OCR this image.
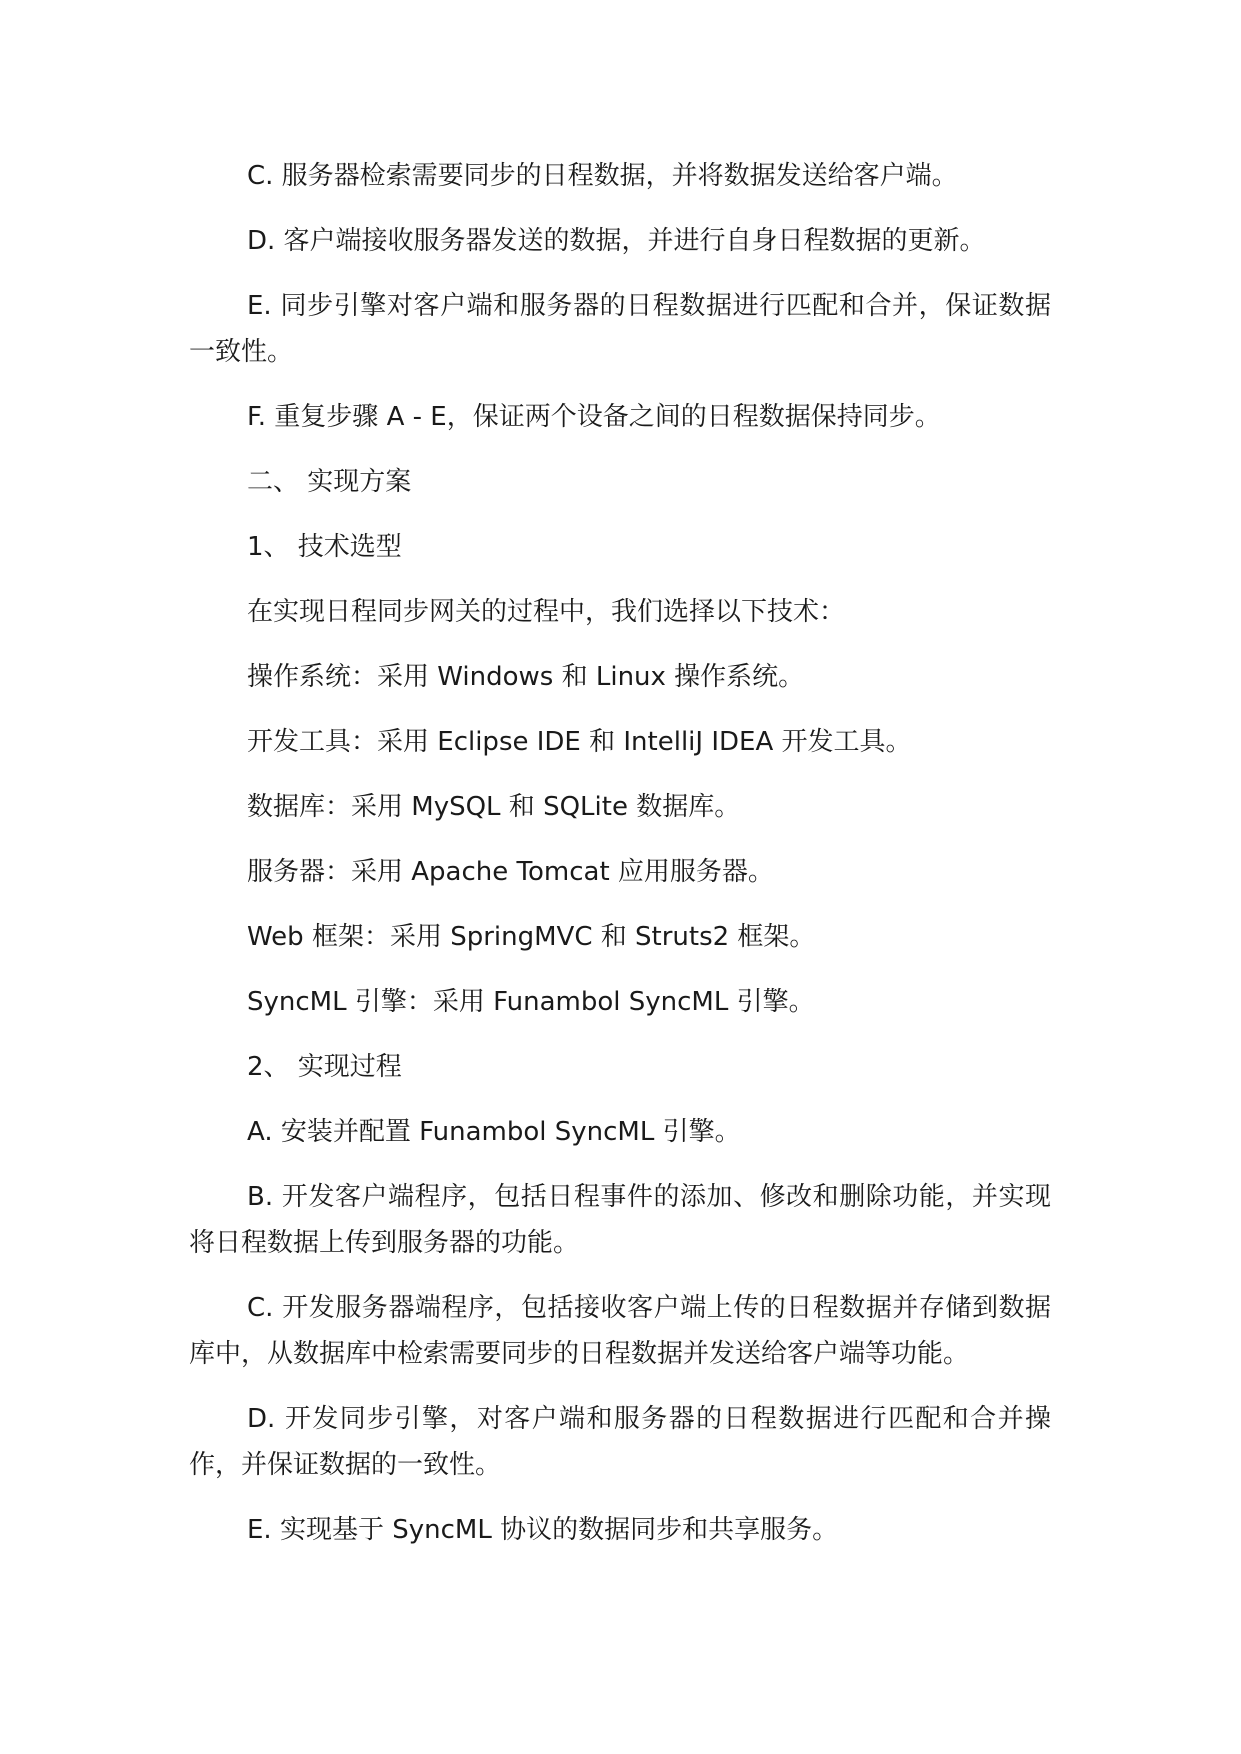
C. 服务器检索需要同步的日程数据，并将数据发送给客户端。

D. 客户端接收服务器发送的数据，并进行自身日程数据的更新。

E. 同步引擎对客户端和服务器的日程数据进行匹配和合并，保证数据一致性。

F. 重复步骤 A - E，保证两个设备之间的日程数据保持同步。

二、 实现方案

1、 技术选型

在实现日程同步网关的过程中，我们选择以下技术：

操作系统：采用 Windows 和 Linux 操作系统。

开发工具：采用 Eclipse IDE 和 IntelliJ IDEA 开发工具。

数据库：采用 MySQL 和 SQLite 数据库。

服务器：采用 Apache Tomcat 应用服务器。

Web 框架：采用 SpringMVC 和 Struts2 框架。

SyncML 引擎：采用 Funambol SyncML 引擎。

2、 实现过程

A. 安装并配置 Funambol SyncML 引擎。

B. 开发客户端程序，包括日程事件的添加、修改和删除功能，并实现将日程数据上传到服务器的功能。

C. 开发服务器端程序，包括接收客户端上传的日程数据并存储到数据库中，从数据库中检索需要同步的日程数据并发送给客户端等功能。

D. 开发同步引擎，对客户端和服务器的日程数据进行匹配和合并操作，并保证数据的一致性。

E. 实现基于 SyncML 协议的数据同步和共享服务。
